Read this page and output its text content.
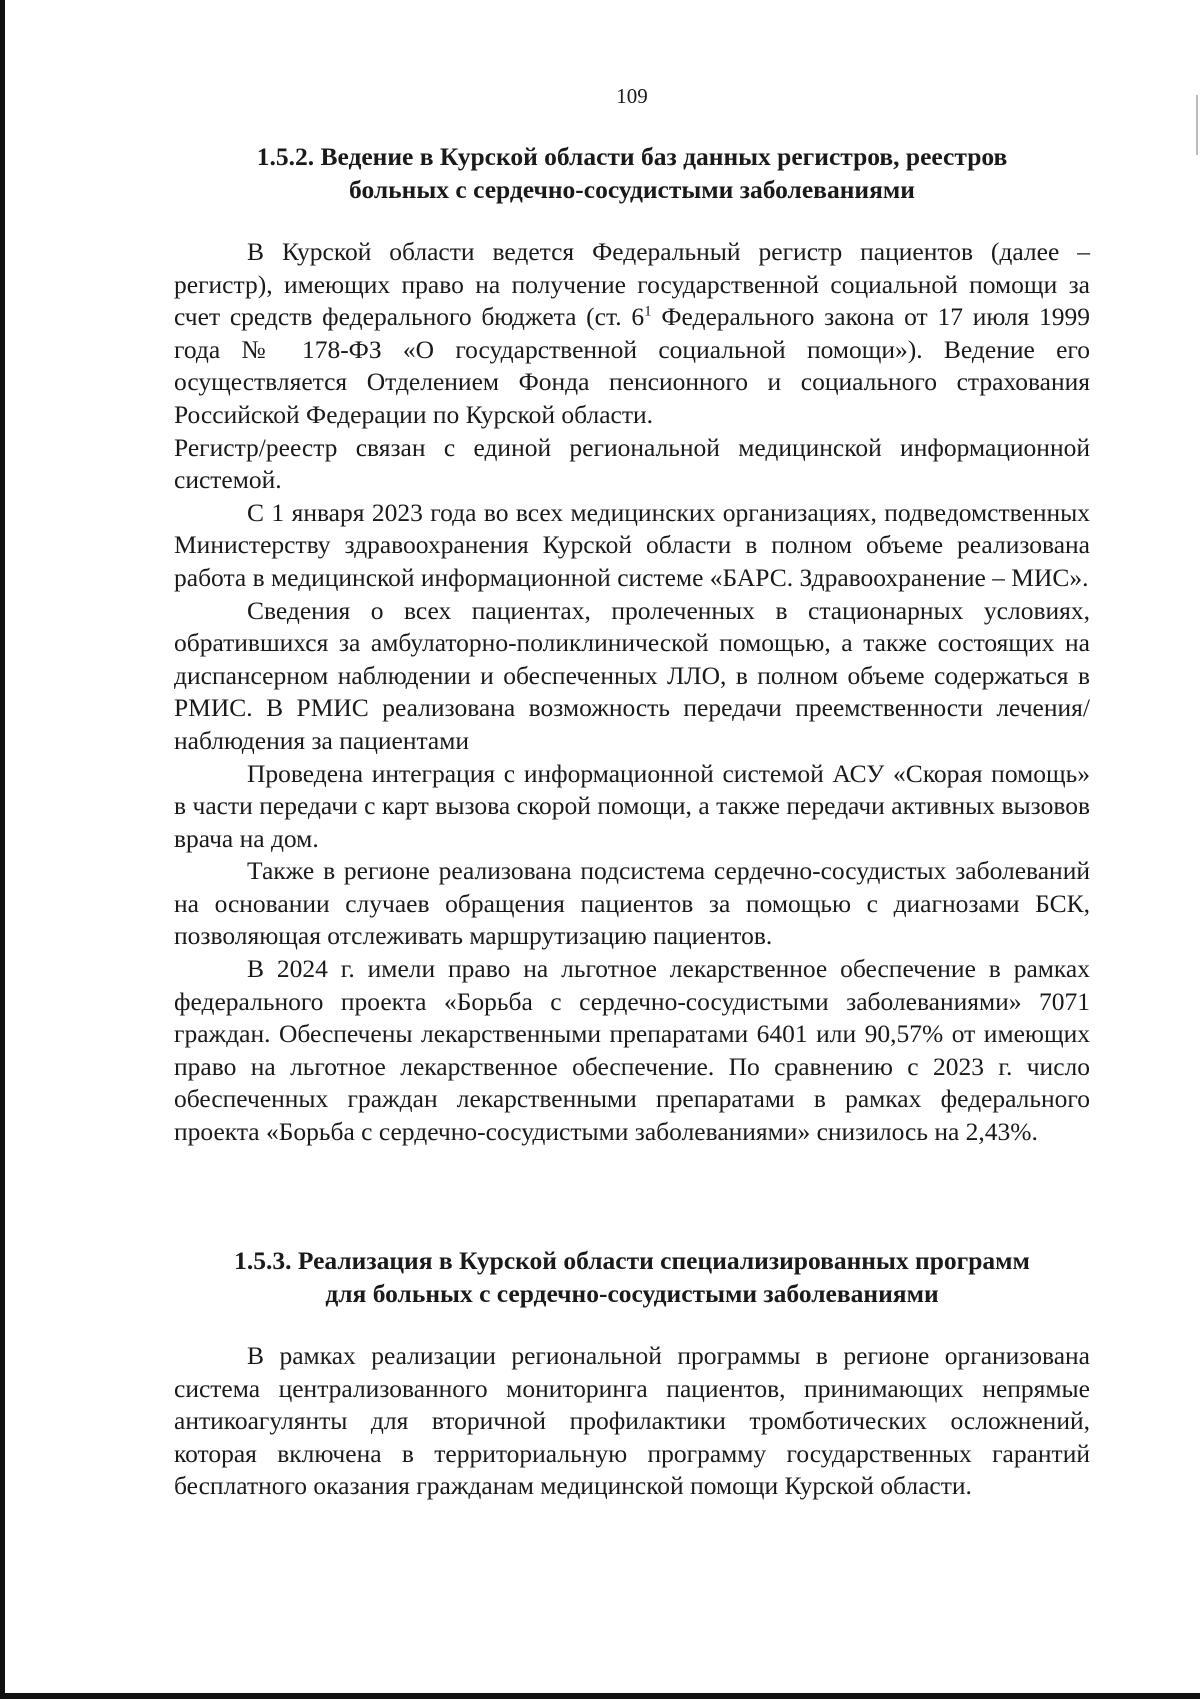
109
1.5.2. Ведение в Курской области баз данных регистров, реестров
больных с сердечно-сосудистыми заболеваниями

В Курской области ведется Федеральный регистр пациентов (далее – регистр), имеющих право на получение государственной социальной помощи за счет средств федерального бюджета (ст. $6^1$ Федерального закона от 17 июля 1999 года № 178-ФЗ «О государственной социальной помощи»). Ведение его осуществляется Отделением Фонда пенсионного и социального страхования Российской Федерации по Курской области.

Регистр/реестр связан с единой региональной медицинской информационной системой.

С 1 января 2023 года во всех медицинских организациях, подведомственных Министерству здравоохранения Курской области в полном объеме реализована работа в медицинской информационной системе «БАРС. Здравоохранение – МИС».

Сведения о всех пациентах, пролеченных в стационарных условиях, обратившихся за амбулаторно-поликлинической помощью, а также состоящих на диспансерном наблюдении и обеспеченных ЛЛО, в полном объеме содержаться в РМИС. В РМИС реализована возможность передачи преемственности лечения/наблюдения за пациентами

Проведена интеграция с информационной системой АСУ «Скорая помощь» в части передачи с карт вызова скорой помощи, а также передачи активных вызовов врача на дом.

Также в регионе реализована подсистема сердечно-сосудистых заболеваний на основании случаев обращения пациентов за помощью с диагнозами БСК, позволяющая отслеживать маршрутизацию пациентов.

В 2024 г. имели право на льготное лекарственное обеспечение в рамках федерального проекта «Борьба с сердечно-сосудистыми заболеваниями» 7071 граждан. Обеспечены лекарственными препаратами 6401 или 90,57% от имеющих право на льготное лекарственное обеспечение. По сравнению с 2023 г. число обеспеченных граждан лекарственными препаратами в рамках федерального проекта «Борьба с сердечно-сосудистыми заболеваниями» снизилось на 2,43%.

1.5.3. Реализация в Курской области специализированных программ
для больных с сердечно-сосудистыми заболеваниями

В рамках реализации региональной программы в регионе организована система централизованного мониторинга пациентов, принимающих непрямые антикоагулянты для вторичной профилактики тромботических осложнений, которая включена в территориальную программу государственных гарантий бесплатного оказания гражданам медицинской помощи Курской области.
